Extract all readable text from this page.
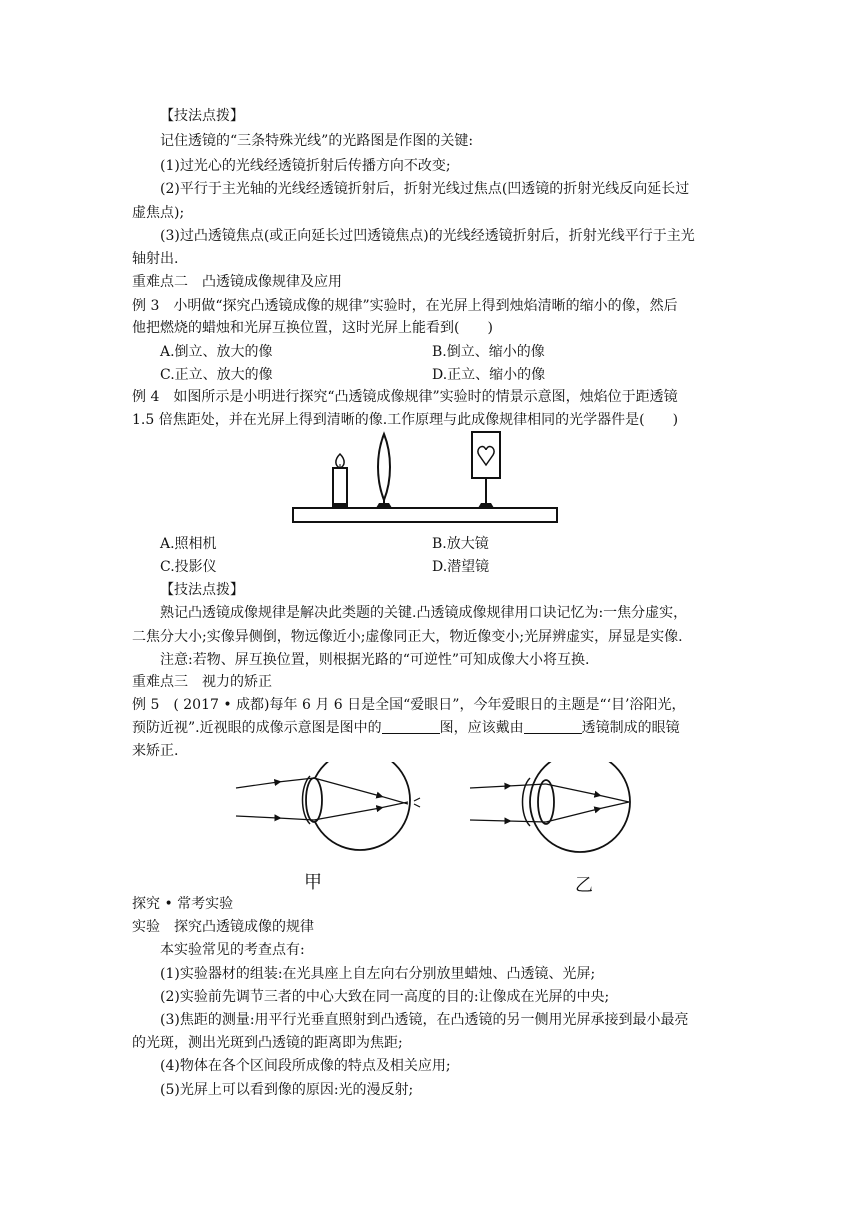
【技法点拨】
记住透镜的“三条特殊光线”的光路图是作图的关键:
(1)过光心的光线经透镜折射后传播方向不改变;
(2)平行于主光轴的光线经透镜折射后，折射光线过焦点(凹透镜的折射光线反向延长过
虚焦点);
(3)过凸透镜焦点(或正向延长过凹透镜焦点)的光线经透镜折射后，折射光线平行于主光
轴射出.
重难点二　凸透镜成像规律及应用
例 3　小明做“探究凸透镜成像的规律”实验时，在光屏上得到烛焰清晰的缩小的像，然后
他把燃烧的蜡烛和光屏互换位置，这时光屏上能看到(　　)
A.倒立、放大的像	B.倒立、缩小的像
C.正立、放大的像	D.正立、缩小的像
例 4　如图所示是小明进行探究“凸透镜成像规律”实验时的情景示意图，烛焰位于距透镜
1.5 倍焦距处，并在光屏上得到清晰的像.工作原理与此成像规律相同的光学器件是(　　)
A.照相机	B.放大镜
C.投影仪	D.潜望镜
【技法点拨】
熟记凸透镜成像规律是解决此类题的关键.凸透镜成像规律用口诀记忆为:一焦分虚实，
二焦分大小;实像异侧倒，物远像近小;虚像同正大，物近像变小;光屏辨虚实，屏显是实像.
注意:若物、屏互换位置，则根据光路的“可逆性”可知成像大小将互换.
重难点三　视力的矫正
例 5　( 2017 • 成都)每年 6 月 6 日是全国“爱眼日”，今年爱眼日的主题是“‘目’浴阳光，
预防近视”.近视眼的成像示意图是图中的	图，应该戴由	透镜制成的眼镜
来矫正.
甲	乙
探究 • 常考实验
实验　探究凸透镜成像的规律
本实验常见的考查点有:
(1)实验器材的组装:在光具座上自左向右分别放里蜡烛、凸透镜、光屏;
(2)实验前先调节三者的中心大致在同一高度的目的:让像成在光屏的中央;
(3)焦距的测量:用平行光垂直照射到凸透镜，在凸透镜的另一侧用光屏承接到最小最亮
的光斑，测出光斑到凸透镜的距离即为焦距;
(4)物体在各个区间段所成像的特点及相关应用;
(5)光屏上可以看到像的原因:光的漫反射;
